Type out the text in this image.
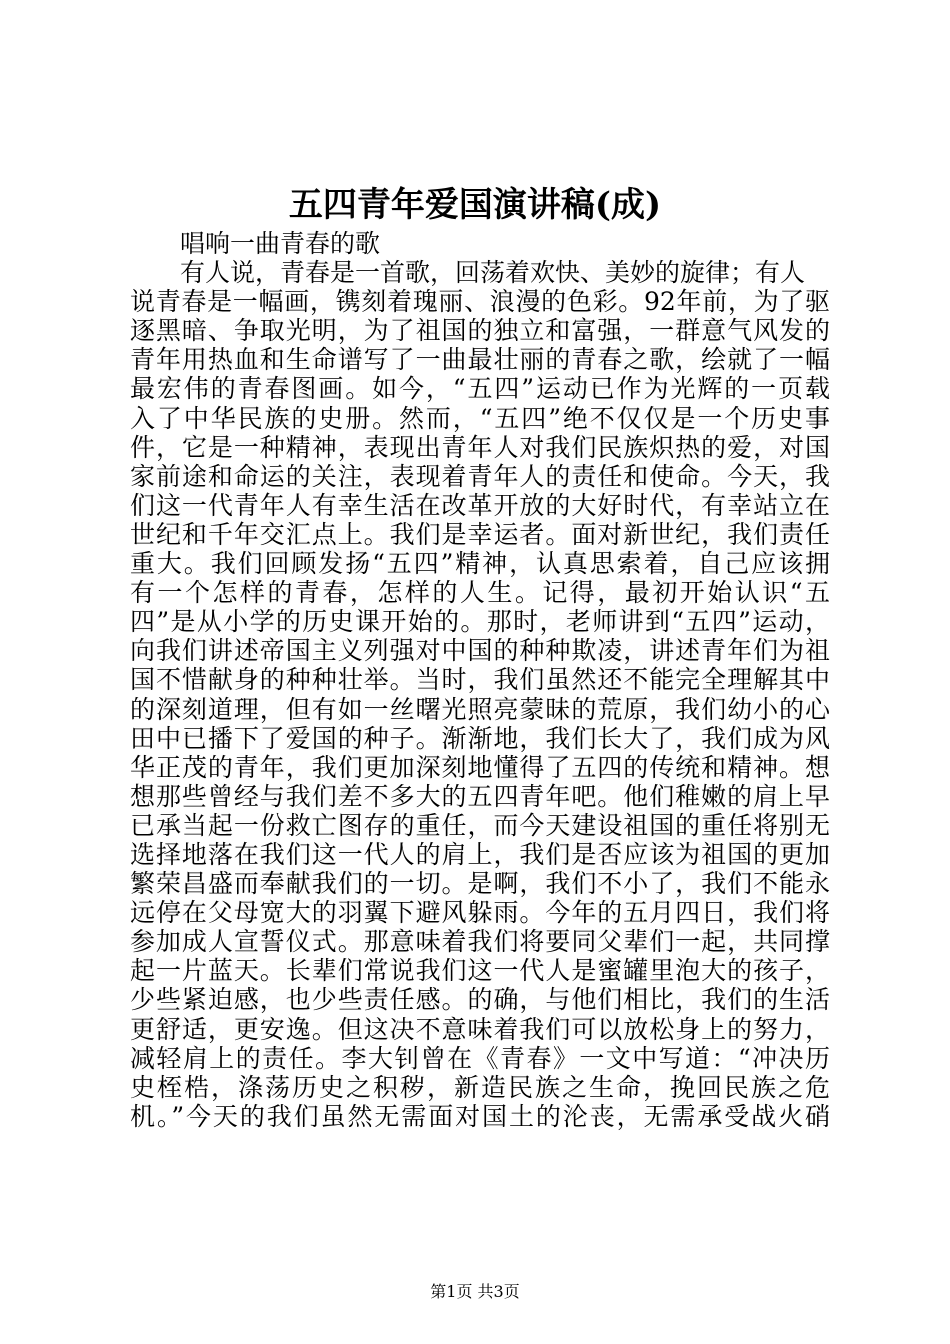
五四青年爱国演讲稿(成)
唱响一曲青春的歌
有人说，青春是一首歌，回荡着欢快、美妙的旋律；有人
说青春是一幅画，镌刻着瑰丽、浪漫的色彩。92年前，为了驱
逐黑暗、争取光明，为了祖国的独立和富强，一群意气风发的
青年用热血和生命谱写了一曲最壮丽的青春之歌，绘就了一幅
最宏伟的青春图画。如今，“五四”运动已作为光辉的一页载
入了中华民族的史册。然而，“五四”绝不仅仅是一个历史事
件，它是一种精神，表现出青年人对我们民族炽热的爱，对国
家前途和命运的关注，表现着青年人的责任和使命。今天，我
们这一代青年人有幸生活在改革开放的大好时代，有幸站立在
世纪和千年交汇点上。我们是幸运者。面对新世纪，我们责任
重大。我们回顾发扬“五四”精神，认真思索着，自己应该拥
有一个怎样的青春，怎样的人生。记得，最初开始认识“五
四”是从小学的历史课开始的。那时，老师讲到“五四”运动，
向我们讲述帝国主义列强对中国的种种欺凌，讲述青年们为祖
国不惜献身的种种壮举。当时，我们虽然还不能完全理解其中
的深刻道理，但有如一丝曙光照亮蒙昧的荒原，我们幼小的心
田中已播下了爱国的种子。渐渐地，我们长大了，我们成为风
华正茂的青年，我们更加深刻地懂得了五四的传统和精神。想
想那些曾经与我们差不多大的五四青年吧。他们稚嫩的肩上早
已承当起一份救亡图存的重任，而今天建设祖国的重任将别无
选择地落在我们这一代人的肩上，我们是否应该为祖国的更加
繁荣昌盛而奉献我们的一切。是啊，我们不小了，我们不能永
远停在父母宽大的羽翼下避风躲雨。今年的五月四日，我们将
参加成人宣誓仪式。那意味着我们将要同父辈们一起，共同撑
起一片蓝天。长辈们常说我们这一代人是蜜罐里泡大的孩子，
少些紧迫感，也少些责任感。的确，与他们相比，我们的生活
更舒适，更安逸。但这决不意味着我们可以放松身上的努力，
减轻肩上的责任。李大钊曾在《青春》一文中写道：“冲决历
史桎梏，涤荡历史之积秽，新造民族之生命，挽回民族之危
机。”今天的我们虽然无需面对国土的沦丧，无需承受战火硝
第1页 共3页
